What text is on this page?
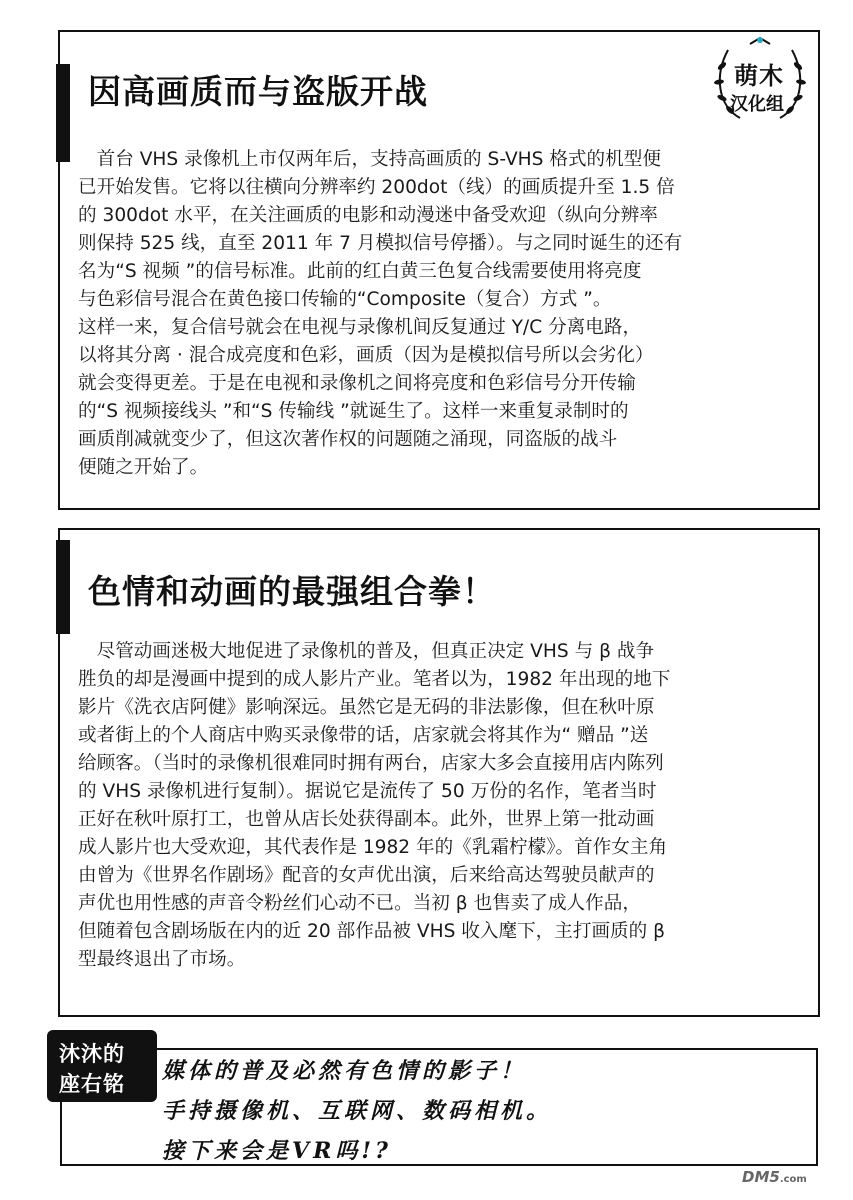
因高画质而与盗版开战

　首台 VHS 录像机上市仅两年后，支持高画质的 S-VHS 格式的机型便

已开始发售。它将以往横向分辨率约 200dot（线）的画质提升至 1.5 倍

的 300dot 水平，在关注画质的电影和动漫迷中备受欢迎（纵向分辨率

则保持 525 线，直至 2011 年 7 月模拟信号停播）。与之同时诞生的还有

名为“S 视频 ”的信号标准。此前的红白黄三色复合线需要使用将亮度

与色彩信号混合在黄色接口传输的“Composite（复合）方式 ”。

这样一来，复合信号就会在电视与录像机间反复通过 Y/C 分离电路，

以将其分离 · 混合成亮度和色彩，画质（因为是模拟信号所以会劣化）

就会变得更差。于是在电视和录像机之间将亮度和色彩信号分开传输

的“S 视频接线头 ”和“S 传输线 ”就诞生了。这样一来重复录制时的

画质削减就变少了，但这次著作权的问题随之涌现，同盗版的战斗

便随之开始了。

萌木
汉化组
色情和动画的最强组合拳！

　尽管动画迷极大地促进了录像机的普及，但真正决定 VHS 与 β 战争

胜负的却是漫画中提到的成人影片产业。笔者以为，1982 年出现的地下

影片《洗衣店阿健》影响深远。虽然它是无码的非法影像，但在秋叶原

或者街上的个人商店中购买录像带的话，店家就会将其作为“ 赠品 ”送

给顾客。（当时的录像机很难同时拥有两台，店家大多会直接用店内陈列

的 VHS 录像机进行复制）。据说它是流传了 50 万份的名作，笔者当时

正好在秋叶原打工，也曾从店长处获得副本。此外，世界上第一批动画

成人影片也大受欢迎，其代表作是 1982 年的《乳霜柠檬》。首作女主角

由曾为《世界名作剧场》配音的女声优出演，后来给高达驾驶员献声的

声优也用性感的声音令粉丝们心动不已。当初 β 也售卖了成人作品，

但随着包含剧场版在内的近 20 部作品被 VHS 收入麾下，主打画质的 β

型最终退出了市场。

沐沐的
座右铭 媒体的普及必然有色情的影子！
手持摄像机、互联网、数码相机。
接下来会是VR吗!?
DM5.com
